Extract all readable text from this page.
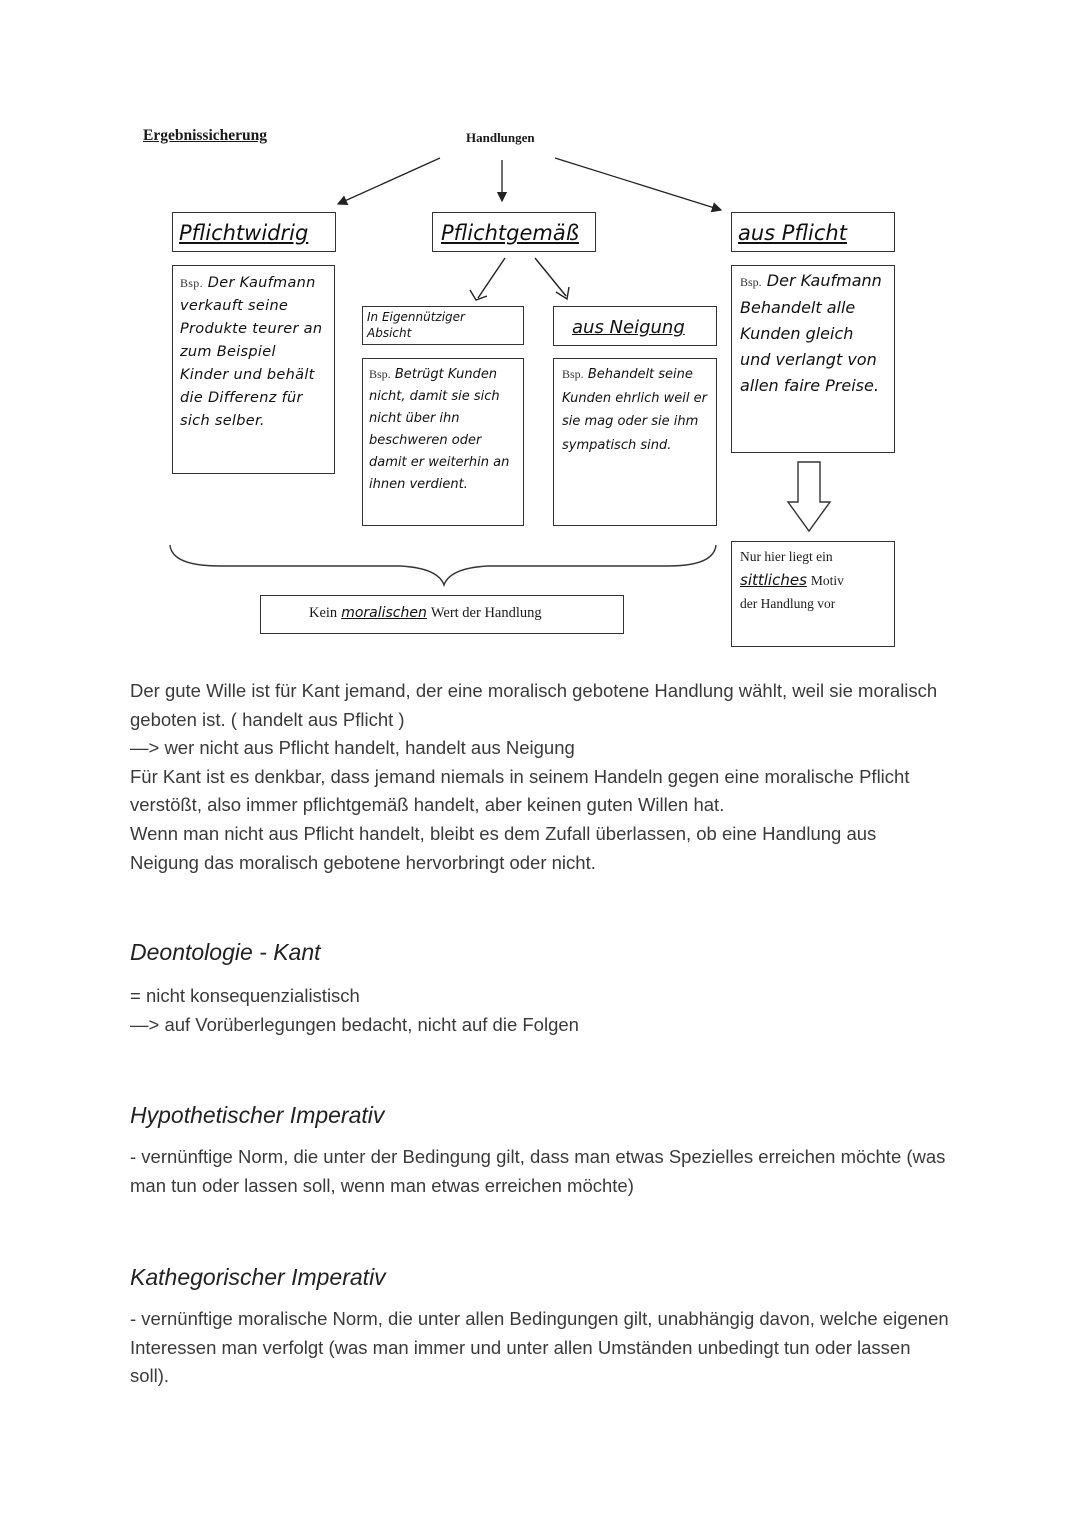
Ergebnissicherung	Handlungen
Pflichtwidrig
Bsp. Der Kaufmann verkauft seine Produkte teurer an zum Beispiel Kinder und behält die Differenz für sich selber.
Pflichtgemäß
In Eigennütziger Absicht
Bsp. Betrügt Kunden nicht, damit sie sich nicht über ihn beschweren oder damit er weiterhin an ihnen verdient.
aus Neigung
Bsp. Behandelt seine Kunden ehrlich weil er sie mag oder sie ihm sympatisch sind.
aus Pflicht
Bsp. Der Kaufmann Behandelt alle Kunden gleich und verlangt von allen faire Preise.
Kein moralischen Wert der Handlung
Nur hier liegt ein
sittliches Motiv
der Handlung vor

Der gute Wille ist für Kant jemand, der eine moralisch gebotene Handlung wählt, weil sie moralisch geboten ist. ( handelt aus Pflicht )

—> wer nicht aus Pflicht handelt, handelt aus Neigung

Für Kant ist es denkbar, dass jemand niemals in seinem Handeln gegen eine moralische Pflicht verstößt, also immer pflichtgemäß handelt, aber keinen guten Willen hat.

Wenn man nicht aus Pflicht handelt, bleibt es dem Zufall überlassen, ob eine Handlung aus Neigung das moralisch gebotene hervorbringt oder nicht.

Deontologie - Kant

= nicht konsequenzialistisch

—> auf Vorüberlegungen bedacht, nicht auf die Folgen

Hypothetischer Imperativ

- vernünftige Norm, die unter der Bedingung gilt, dass man etwas Spezielles erreichen möchte (was man tun oder lassen soll, wenn man etwas erreichen möchte)

Kathegorischer Imperativ

- vernünftige moralische Norm, die unter allen Bedingungen gilt, unabhängig davon, welche eigenen Interessen man verfolgt (was man immer und unter allen Umständen unbedingt tun oder lassen soll).
